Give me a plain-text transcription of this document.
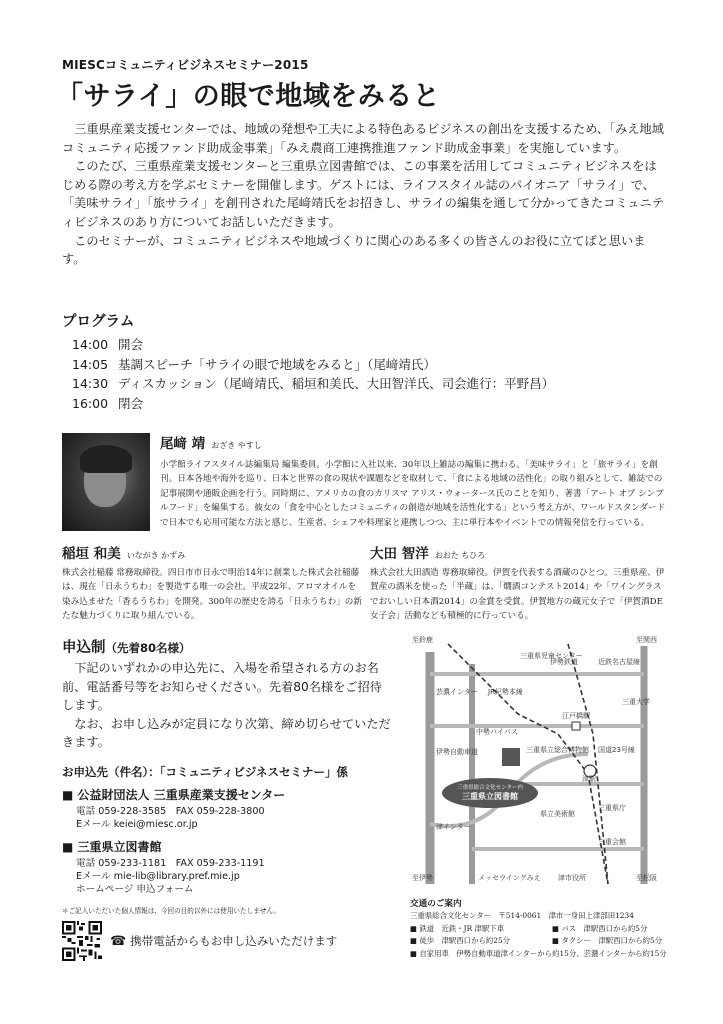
MIESCコミュニティビジネスセミナー2015
「サライ」の眼で地域をみると

三重県産業支援センターでは、地域の発想や工夫による特色あるビジネスの創出を支援するため、「みえ地域コミュニティ応援ファンド助成金事業」「みえ農商工連携推進ファンド助成金事業」を実施しています。

このたび、三重県産業支援センターと三重県立図書館では、この事業を活用してコミュニティビジネスをはじめる際の考え方を学ぶセミナーを開催します。ゲストには、ライフスタイル誌のパイオニア「サライ」で、「美味サライ」「旅サライ」を創刊された尾﨑靖氏をお招きし、サライの編集を通して分かってきたコミュニティビジネスのあり方についてお話しいただきます。

このセミナーが、コミュニティビジネスや地域づくりに関心のある多くの皆さんのお役に立てばと思います。

プログラム
14:00 開会
14:05 基調スピーチ「サライの眼で地域をみると」（尾﨑靖氏）
14:30 ディスカッション（尾﨑靖氏、稲垣和美氏、大田智洋氏、司会進行：平野昌）
16:00 閉会
尾﨑 靖 おざき やすし
小学館ライフスタイル誌編集局 編集委員。小学館に入社以来、30年以上雑誌の編集に携わる。「美味サライ」と「旅サライ」を創刊。日本各地や海外を巡り、日本と世界の食の現状や課題などを取材して、「食による地域の活性化」の取り組みとして、雑誌での記事展開や通販企画を行う。同時期に、アメリカの食のカリスマ アリス・ウォータース氏のことを知り、著書「アート オブ シンプルフード」を編集する。彼女の「食を中心としたコミュニティの創造が地域を活性化する」という考え方が、ワールドスタンダードで日本でも応用可能な方法と感じ、生産者、シェフや料理家と連携しつつ、主に単行本やイベントでの情報発信を行っている。
稲垣 和美 いながき かずみ
株式会社稲藤 常務取締役。四日市市日永で明治14年に創業した株式会社稲藤は、現在「日永うちわ」を製造する唯一の会社。平成22年、アロマオイルを染み込ませた「香るうちわ」を開発。300年の歴史を誇る「日永うちわ」の新たな魅力づくりに取り組んでいる。
大田 智洋 おおた ちひろ
株式会社大田酒造 専務取締役。伊賀を代表する酒蔵のひとつ。三重県産、伊賀産の酒米を使った「半蔵」は、「燗酒コンテスト2014」や「ワイングラスでおいしい日本酒2014」の金賞を受賞。伊賀地方の蔵元女子で「伊賀酒DE女子会」活動なども積極的に行っている。
申込制（先着80名様）

下記のいずれかの申込先に、入場を希望される方のお名前、電話番号等をお知らせください。先着80名様をご招待します。

なお、お申し込みが定員になり次第、締め切らせていただきます。

お申込先（件名）：「コミュニティビジネスセミナー」係
■ 公益財団法人 三重県産業支援センター
電話 059-228-3585　FAX 059-228-3800
Eメール keiei@miesc.or.jp
■ 三重県立図書館
電話 059-233-1181　FAX 059-233-1191
Eメール mie-lib@library.pref.mie.jp
ホームページ 申込フォーム
＊ご記入いただいた個人情報は、今回の目的以外には使用いたしません。
☎ 携帯電話からもお申し込みいただけます
三重県総合文化センター内
三重県立図書館
津駅
江戸橋駅
至鈴鹿	至関西
至伊勢	至松阪
芸濃インター
伊勢自動車道
津インター
三重県児童センター
JR紀勢本線
伊勢鉄道	近鉄名古屋線
三重大学
国道23号線
中勢バイパス
三重県立総合博物館
県立美術館
三重県庁
三重会館
メッセウイングみえ 津市役所
交通のご案内
三重県総合文化センター　〒514-0061　津市一身田上津部田1234
■ 鉄道　近鉄・JR 津駅下車	■ バス　津駅西口から約5分
■ 徒歩　津駅西口から約25分	■ タクシー　津駅西口から約5分
■ 自家用車　伊勢自動車道津インターから約15分、芸濃インターから約15分
